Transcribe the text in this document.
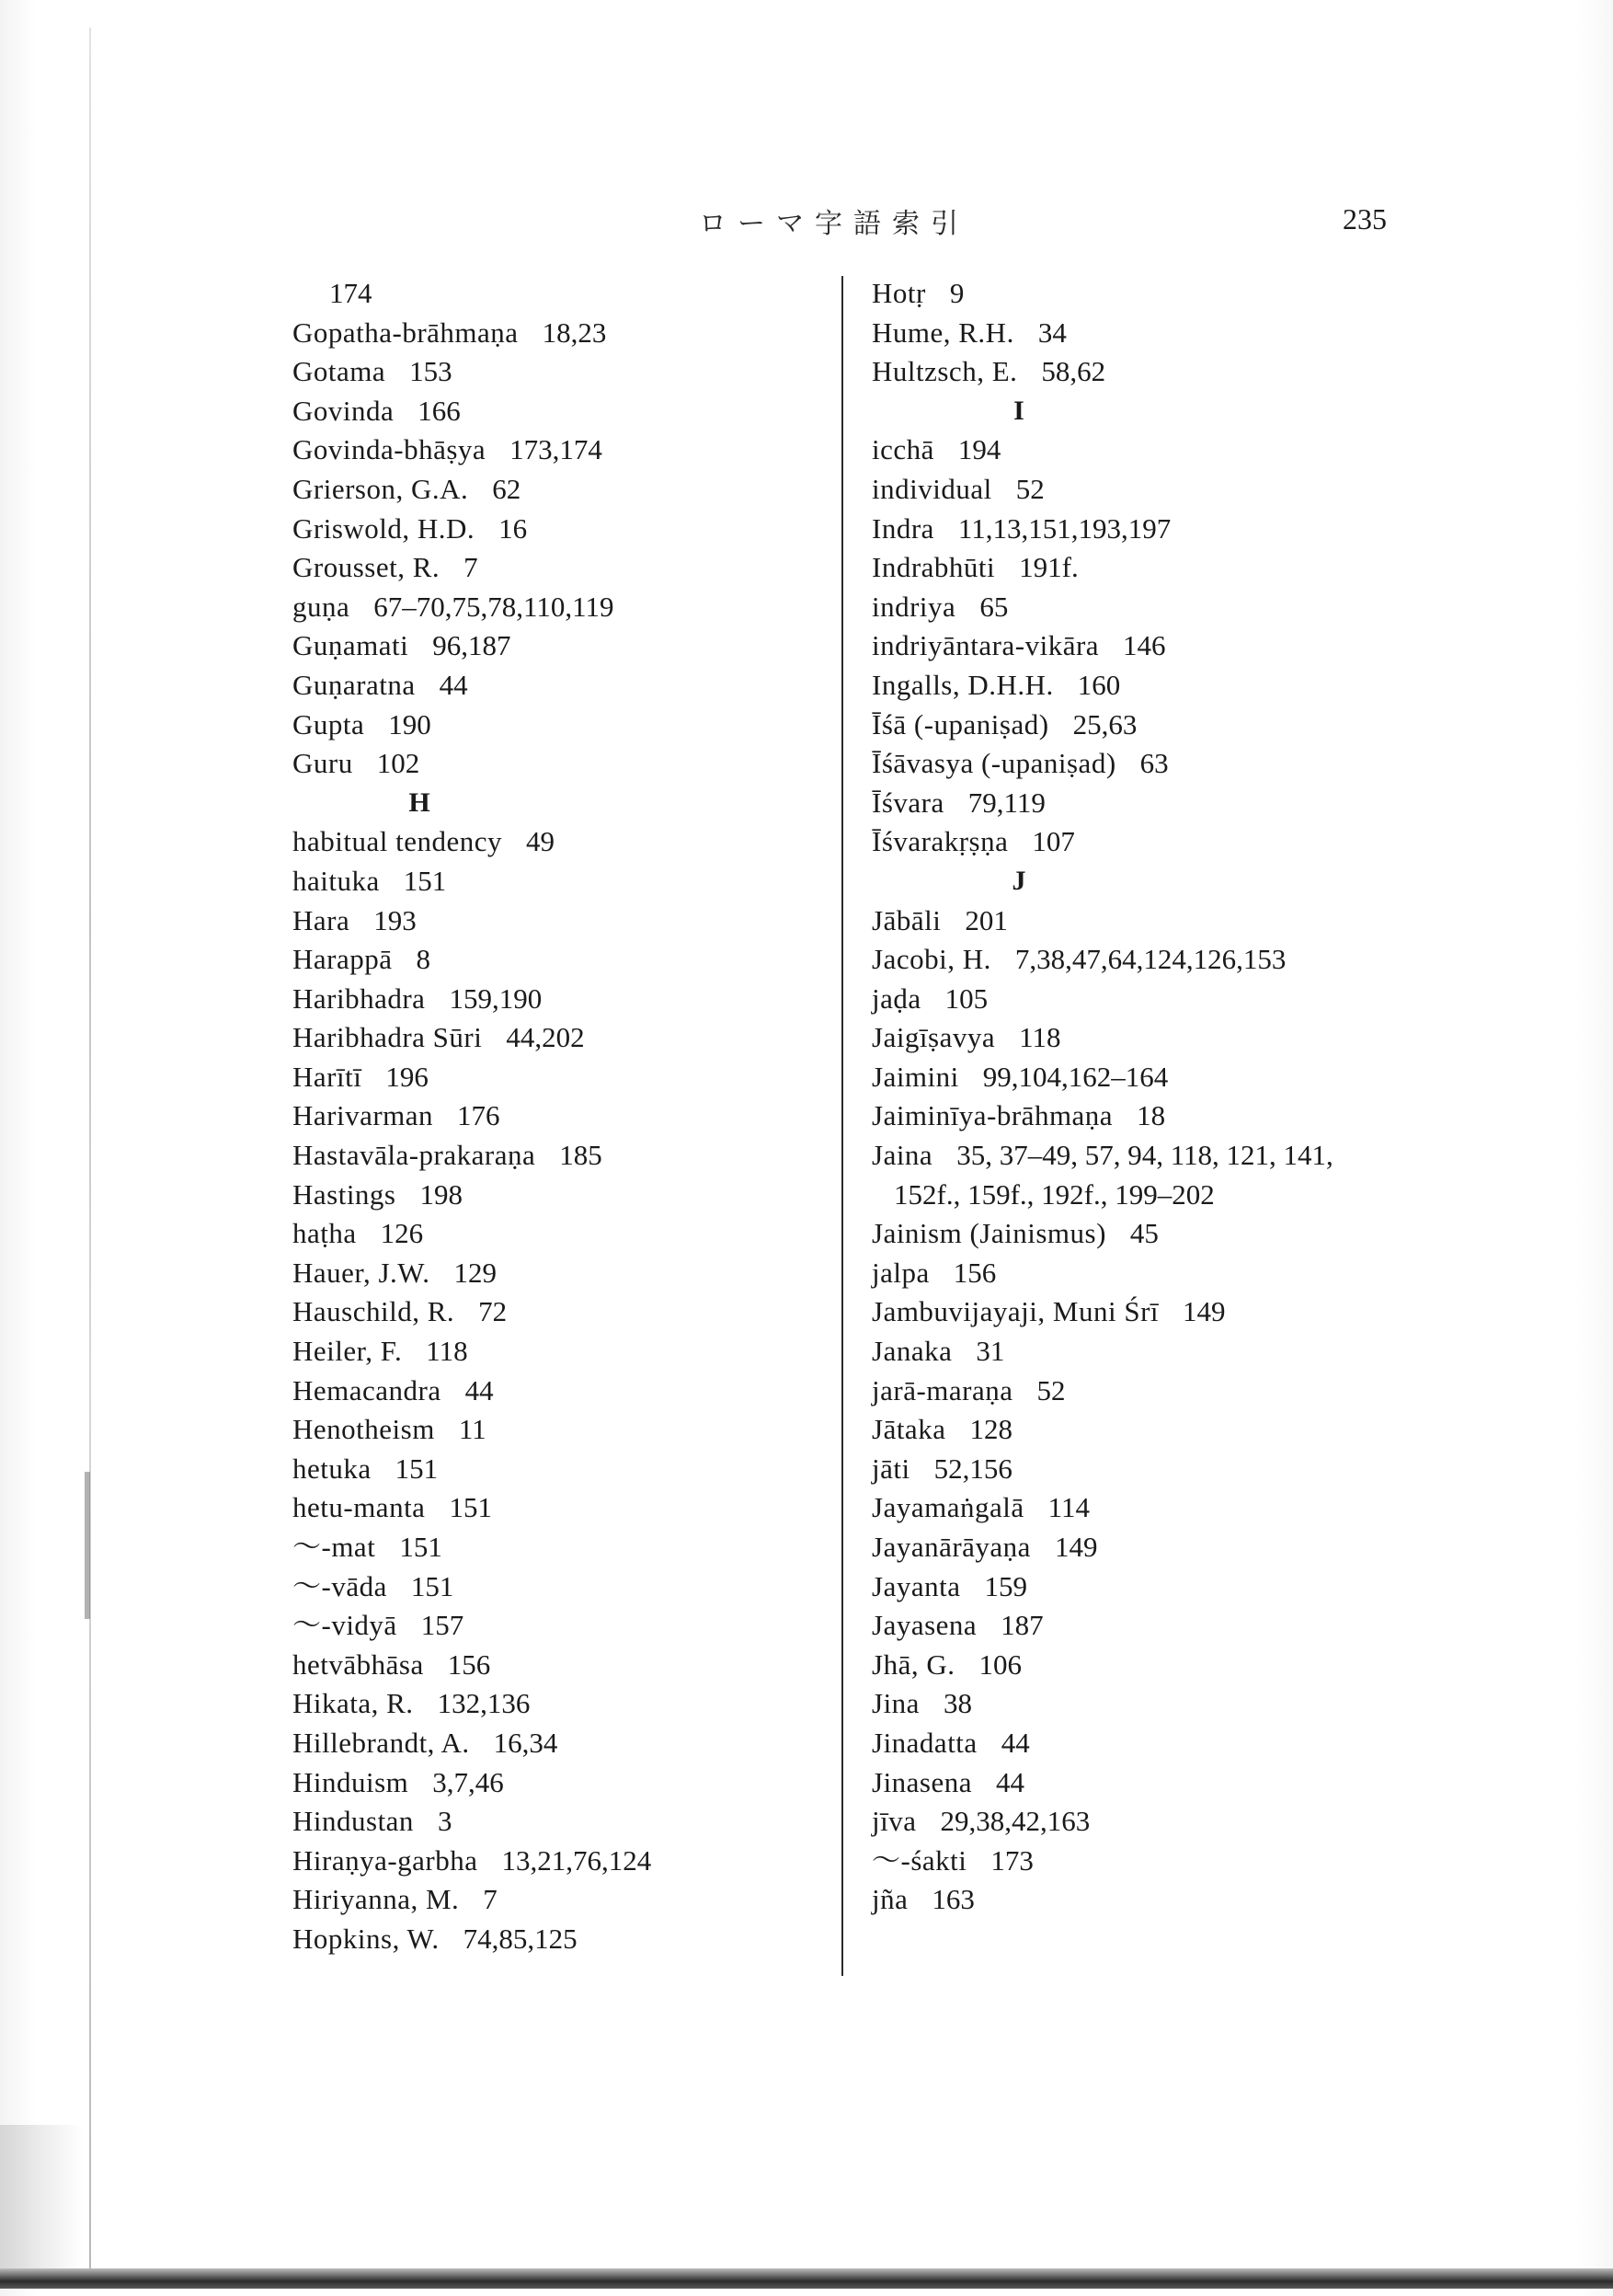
ローマ字語索引	235
174
Gopatha-brāhmaṇa 18,23
Gotama 153
Govinda 166
Govinda-bhāṣya 173,174
Grierson, G.A. 62
Griswold, H.D. 16
Grousset, R. 7
guṇa 67–70,75,78,110,119
Guṇamati 96,187
Guṇaratna 44
Gupta 190
Guru 102
H
habitual tendency 49
haituka 151
Hara 193
Harappā 8
Haribhadra 159,190
Haribhadra Sūri 44,202
Harītī 196
Harivarman 176
Hastavāla-prakaraṇa 185
Hastings 198
haṭha 126
Hauer, J.W. 129
Hauschild, R. 72
Heiler, F. 118
Hemacandra 44
Henotheism 11
hetuka 151
hetu-manta 151
～-mat 151
～-vāda 151
～-vidyā 157
hetvābhāsa 156
Hikata, R. 132,136
Hillebrandt, A. 16,34
Hinduism 3,7,46
Hindustan 3
Hiraṇya-garbha 13,21,76,124
Hiriyanna, M. 7
Hopkins, W. 74,85,125
Hotṛ 9
Hume, R.H. 34
Hultzsch, E. 58,62
I
icchā 194
individual 52
Indra 11,13,151,193,197
Indrabhūti 191f.
indriya 65
indriyāntara-vikāra 146
Ingalls, D.H.H. 160
Īśā (-upaniṣad) 25,63
Īśāvasya (-upaniṣad) 63
Īśvara 79,119
Īśvarakṛṣṇa 107
J
Jābāli 201
Jacobi, H. 7,38,47,64,124,126,153
jaḍa 105
Jaigīṣavya 118
Jaimini 99,104,162–164
Jaiminīya-brāhmaṇa 18
Jaina 35, 37–49, 57, 94, 118, 121, 141,
152f., 159f., 192f., 199–202
Jainism (Jainismus) 45
jalpa 156
Jambuvijayaji, Muni Śrī 149
Janaka 31
jarā-maraṇa 52
Jātaka 128
jāti 52,156
Jayamaṅgalā 114
Jayanārāyaṇa 149
Jayanta 159
Jayasena 187
Jhā, G. 106
Jina 38
Jinadatta 44
Jinasena 44
jīva 29,38,42,163
～-śakti 173
jña 163
